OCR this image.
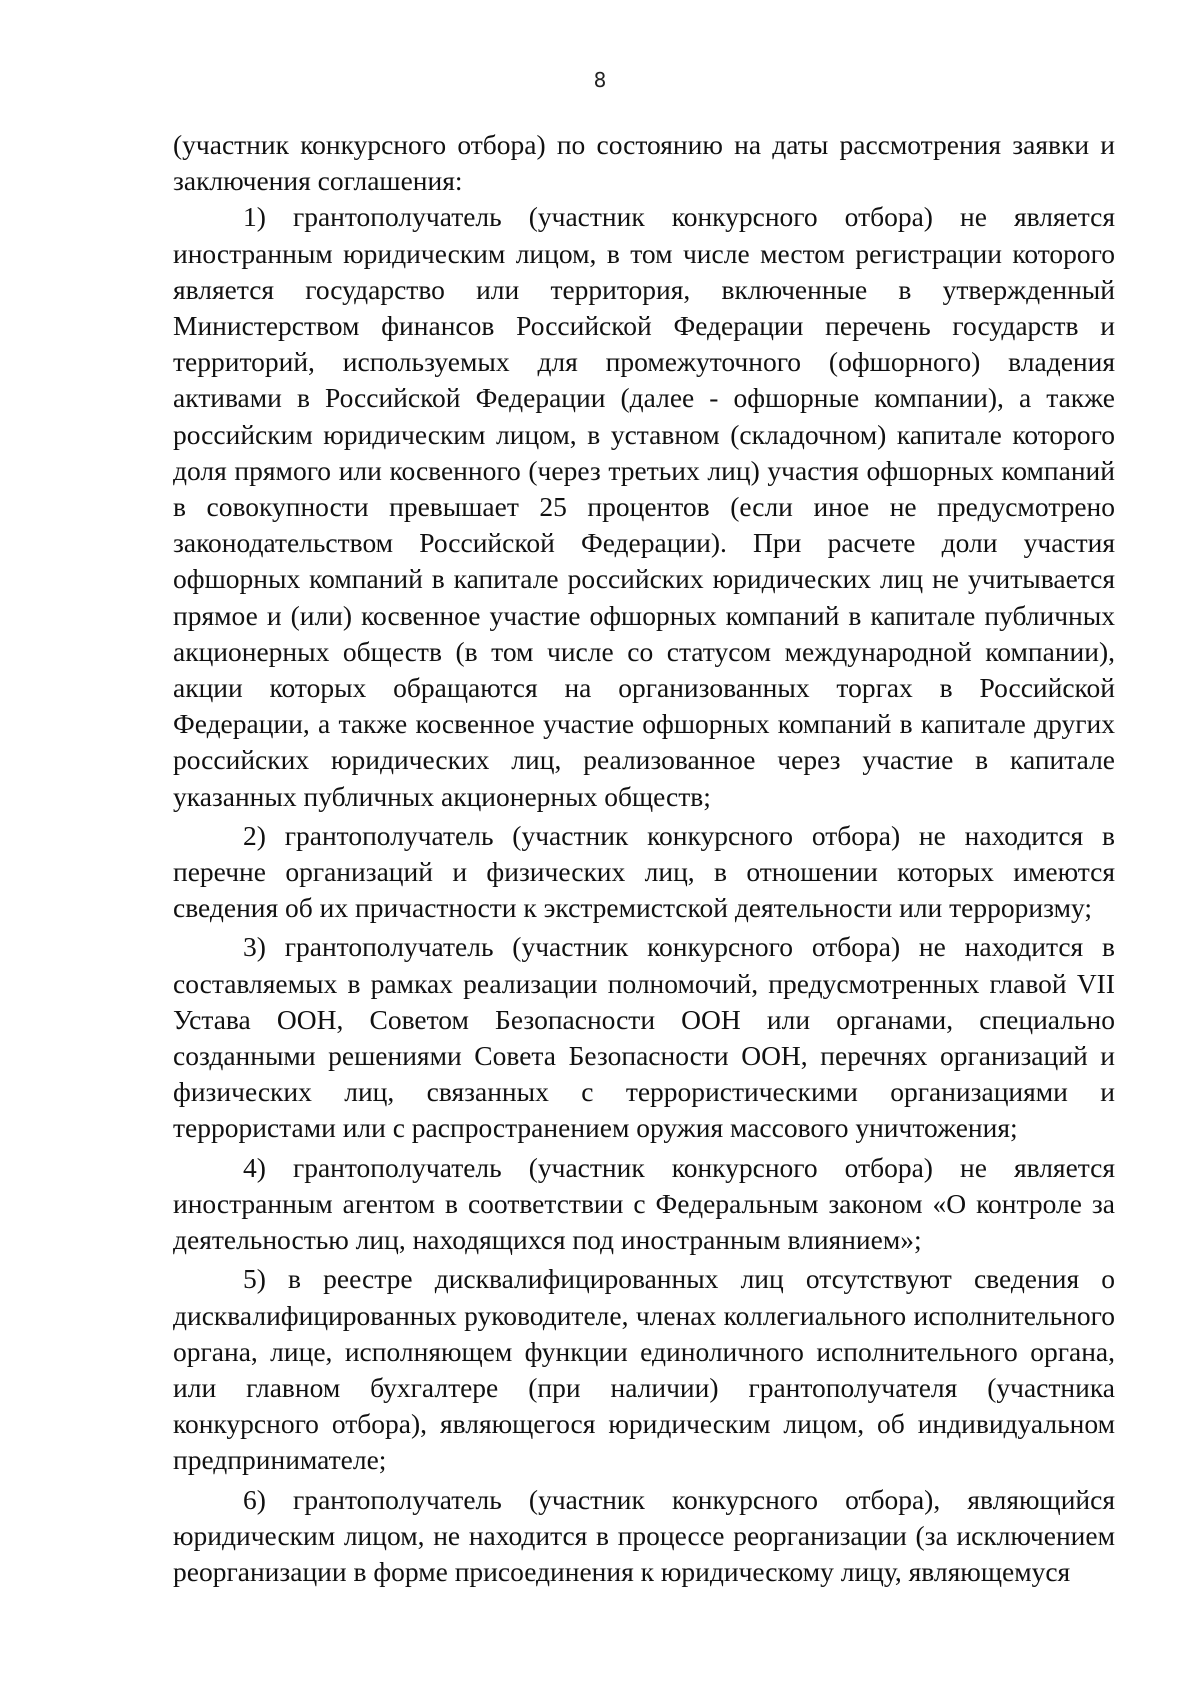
8

(участник конкурсного отбора) по состоянию на даты рассмотрения заявки и заключения соглашения:

1) грантополучатель (участник конкурсного отбора) не является иностранным юридическим лицом, в том числе местом регистрации которого является государство или территория, включенные в утвержденный Министерством финансов Российской Федерации перечень государств и территорий, используемых для промежуточного (офшорного) владения активами в Российской Федерации (далее - офшорные компании), а также российским юридическим лицом, в уставном (складочном) капитале которого доля прямого или косвенного (через третьих лиц) участия офшорных компаний в совокупности превышает 25 процентов (если иное не предусмотрено законодательством Российской Федерации). При расчете доли участия офшорных компаний в капитале российских юридических лиц не учитывается прямое и (или) косвенное участие офшорных компаний в капитале публичных акционерных обществ (в том числе со статусом международной компании), акции которых обращаются на организованных торгах в Российской Федерации, а также косвенное участие офшорных компаний в капитале других российских юридических лиц, реализованное через участие в капитале указанных публичных акционерных обществ;

2) грантополучатель (участник конкурсного отбора) не находится в перечне организаций и физических лиц, в отношении которых имеются сведения об их причастности к экстремистской деятельности или терроризму;

3) грантополучатель (участник конкурсного отбора) не находится в составляемых в рамках реализации полномочий, предусмотренных главой VII Устава ООН, Советом Безопасности ООН или органами, специально созданными решениями Совета Безопасности ООН, перечнях организаций и физических лиц, связанных с террористическими организациями и террористами или с распространением оружия массового уничтожения;

4) грантополучатель (участник конкурсного отбора) не является иностранным агентом в соответствии с Федеральным законом «О контроле за деятельностью лиц, находящихся под иностранным влиянием»;

5) в реестре дисквалифицированных лиц отсутствуют сведения о дисквалифицированных руководителе, членах коллегиального исполнительного органа, лице, исполняющем функции единоличного исполнительного органа, или главном бухгалтере (при наличии) грантополучателя (участника конкурсного отбора), являющегося юридическим лицом, об индивидуальном предпринимателе;

6) грантополучатель (участник конкурсного отбора), являющийся юридическим лицом, не находится в процессе реорганизации (за исключением реорганизации в форме присоединения к юридическому лицу, являющемуся
